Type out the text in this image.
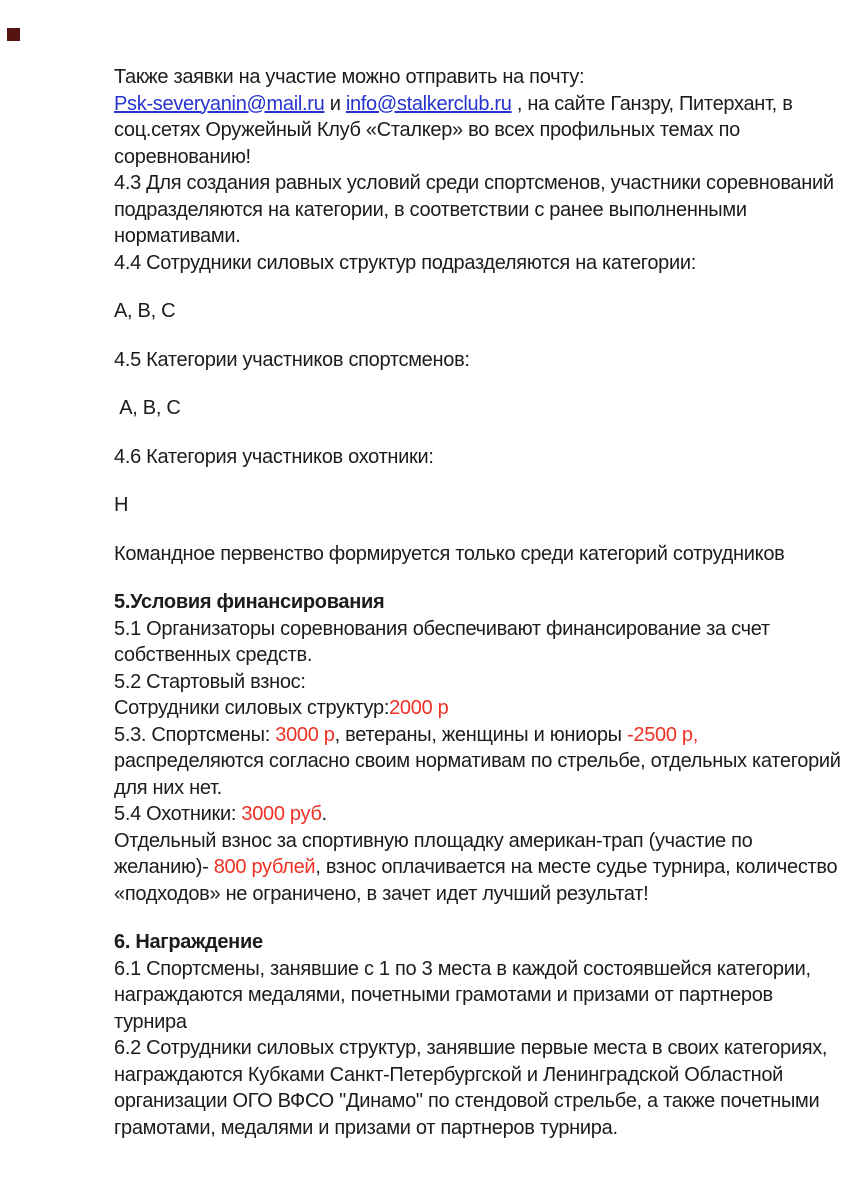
Также заявки на участие можно отправить на почту:
Psk-severyanin@mail.ru и info@stalkerclub.ru , на сайте Ганзру, Питерхант, в
соц.сетях Оружейный Клуб «Сталкер» во всех профильных темах по
соревнованию!
4.3 Для создания равных условий среди спортсменов, участники соревнований
подразделяются на категории, в соответствии с ранее выполненными
нормативами.
4.4 Сотрудники силовых структур подразделяются на категории:
А, В, С
4.5 Категории участников спортсменов:
А, В, С
4.6 Категория участников охотники:
Н
Командное первенство формируется только среди категорий сотрудников
5.Условия финансирования
5.1 Организаторы соревнования обеспечивают финансирование за счет
собственных средств.
5.2 Стартовый взнос:
Сотрудники силовых структур:2000 р
5.3. Спортсмены: 3000 р, ветераны, женщины и юниоры -2500 р,
распределяются согласно своим нормативам по стрельбе, отдельных категорий
для них нет.
5.4 Охотники: 3000 руб.
Отдельный взнос за спортивную площадку американ-трап (участие по
желанию)- 800 рублей, взнос оплачивается на месте судье турнира, количество
«подходов» не ограничено, в зачет идет лучший результат!
6. Награждение
6.1 Спортсмены, занявшие с 1 по 3 места в каждой состоявшейся категории,
награждаются медалями, почетными грамотами и призами от партнеров
турнира
6.2 Сотрудники силовых структур, занявшие первые места в своих категориях,
награждаются Кубками Санкт-Петербургской и Ленинградской Областной
организации ОГО ВФСО "Динамо" по стендовой стрельбе, а также почетными
грамотами, медалями и призами от партнеров турнира.
